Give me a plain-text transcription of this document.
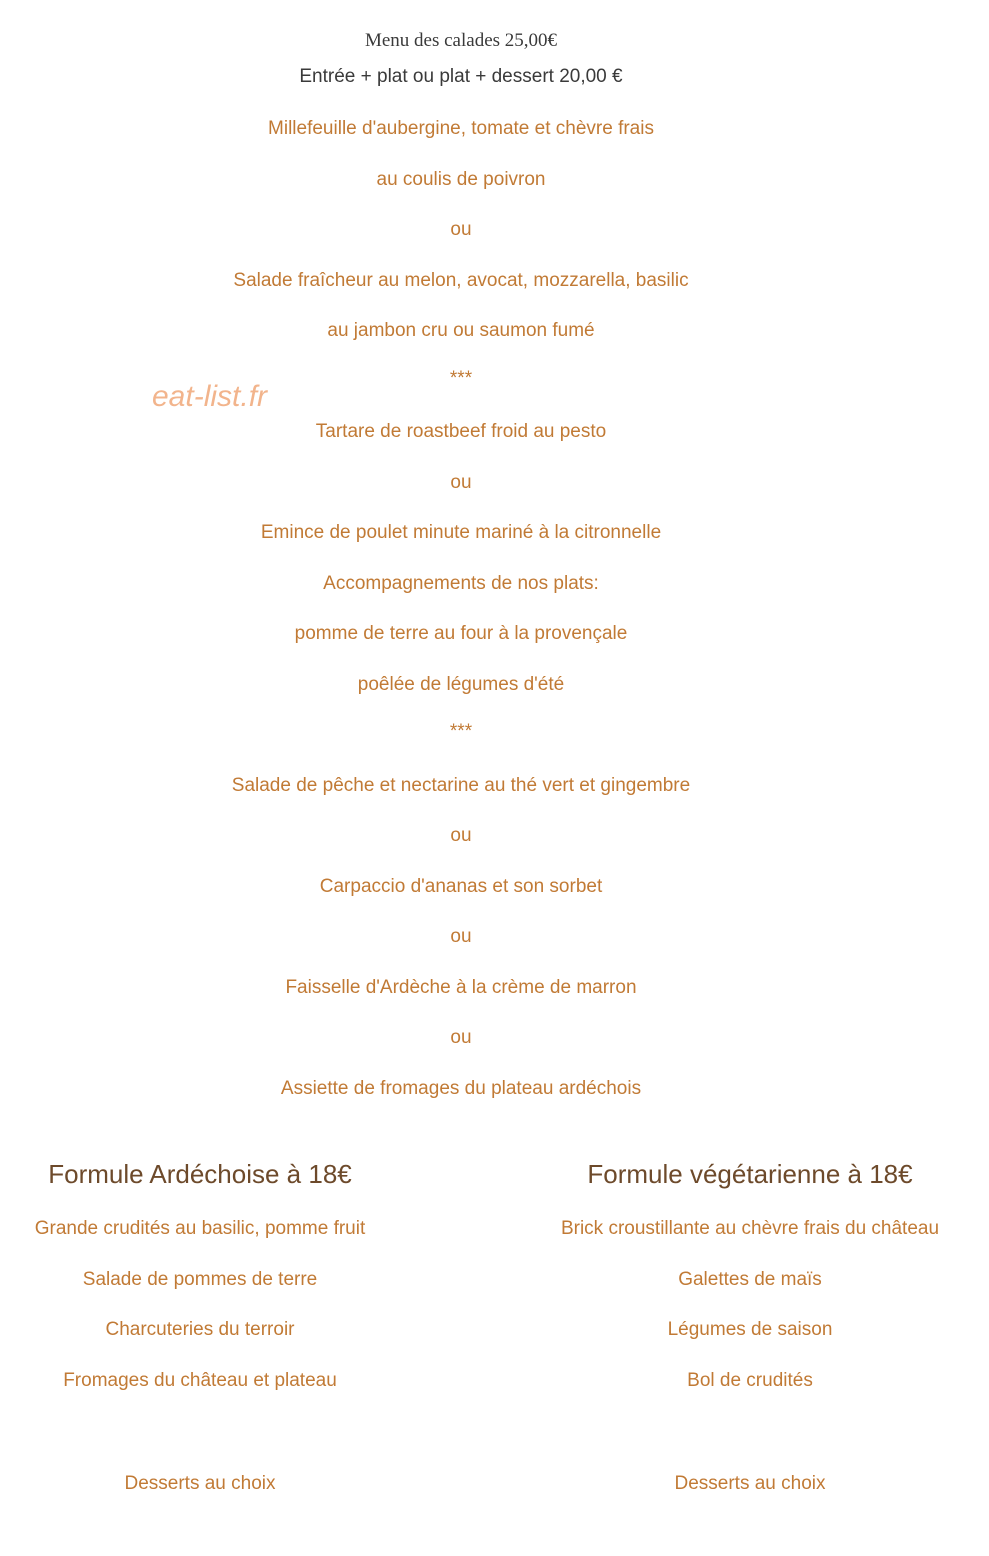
Menu des calades 25,00€
Entrée + plat ou plat + dessert 20,00 €
Millefeuille d'aubergine, tomate et chèvre frais
au coulis de poivron
ou
Salade fraîcheur au melon, avocat, mozzarella, basilic
au jambon cru ou saumon fumé
***
Tartare de roastbeef froid au pesto
ou
Emince de poulet minute mariné à la citronnelle
Accompagnements de nos plats:
pomme de terre au four à la provençale
poêlée de légumes d'été
***
Salade de pêche et nectarine au thé vert et gingembre
ou
Carpaccio d'ananas et son sorbet
ou
Faisselle d'Ardèche à la crème de marron
ou
Assiette de fromages du plateau ardéchois
eat-list.fr
Formule Ardéchoise à 18€
Grande crudités au basilic, pomme fruit
Salade de pommes de terre
Charcuteries du terroir
Fromages du château et plateau
Formule végétarienne à 18€
Brick croustillante au chèvre frais du château
Galettes de maïs
Légumes de saison
Bol de crudités
Desserts au choix	Desserts au choix
